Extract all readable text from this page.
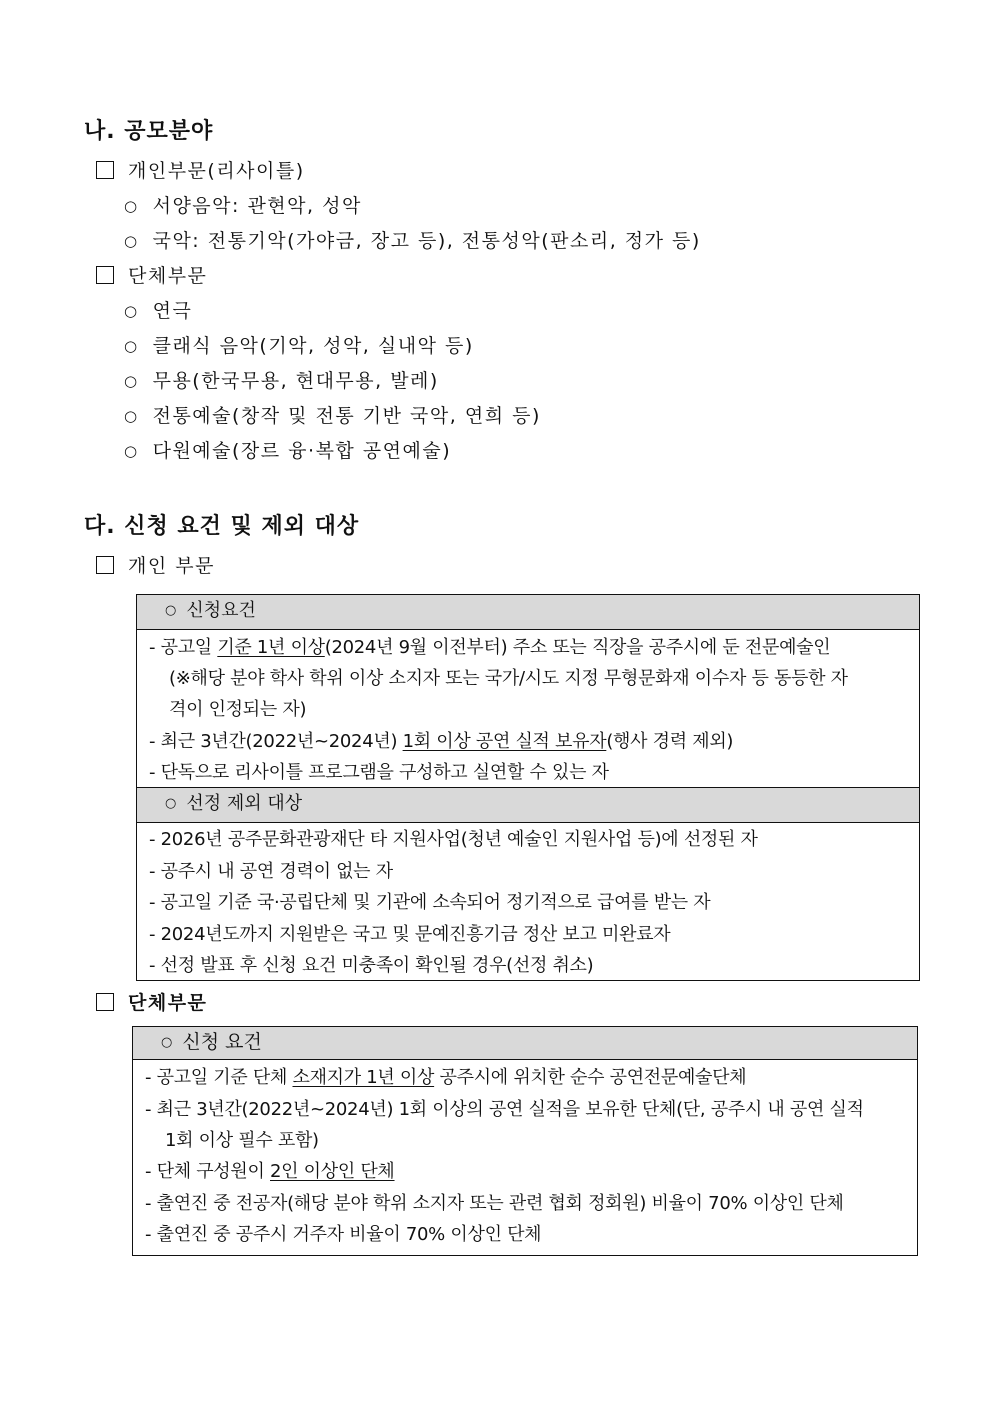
나. 공모분야
개인부문(리사이틀)
○ 서양음악: 관현악, 성악
○ 국악: 전통기악(가야금, 장고 등), 전통성악(판소리, 정가 등)
단체부문
○ 연극
○ 클래식 음악(기악, 성악, 실내악 등)
○ 무용(한국무용, 현대무용, 발레)
○ 전통예술(창작 및 전통 기반 국악, 연희 등)
○ 다원예술(장르 융·복합 공연예술)
다. 신청 요건 및 제외 대상
개인 부문
○ 신청요건
- 공고일 기준 1년 이상(2024년 9월 이전부터) 주소 또는 직장을 공주시에 둔 전문예술인
(※해당 분야 학사 학위 이상 소지자 또는 국가/시도 지정 무형문화재 이수자 등 동등한 자
격이 인정되는 자)
- 최근 3년간(2022년~2024년) 1회 이상 공연 실적 보유자(행사 경력 제외)
- 단독으로 리사이틀 프로그램을 구성하고 실연할 수 있는 자
○ 선정 제외 대상
- 2026년 공주문화관광재단 타 지원사업(청년 예술인 지원사업 등)에 선정된 자
- 공주시 내 공연 경력이 없는 자
- 공고일 기준 국·공립단체 및 기관에 소속되어 정기적으로 급여를 받는 자
- 2024년도까지 지원받은 국고 및 문예진흥기금 정산 보고 미완료자
- 선정 발표 후 신청 요건 미충족이 확인될 경우(선정 취소)
단체부문
○ 신청 요건
- 공고일 기준 단체 소재지가 1년 이상 공주시에 위치한 순수 공연전문예술단체
- 최근 3년간(2022년~2024년) 1회 이상의 공연 실적을 보유한 단체(단, 공주시 내 공연 실적
1회 이상 필수 포함)
- 단체 구성원이 2인 이상인 단체
- 출연진 중 전공자(해당 분야 학위 소지자 또는 관련 협회 정회원) 비율이 70% 이상인 단체
- 출연진 중 공주시 거주자 비율이 70% 이상인 단체
